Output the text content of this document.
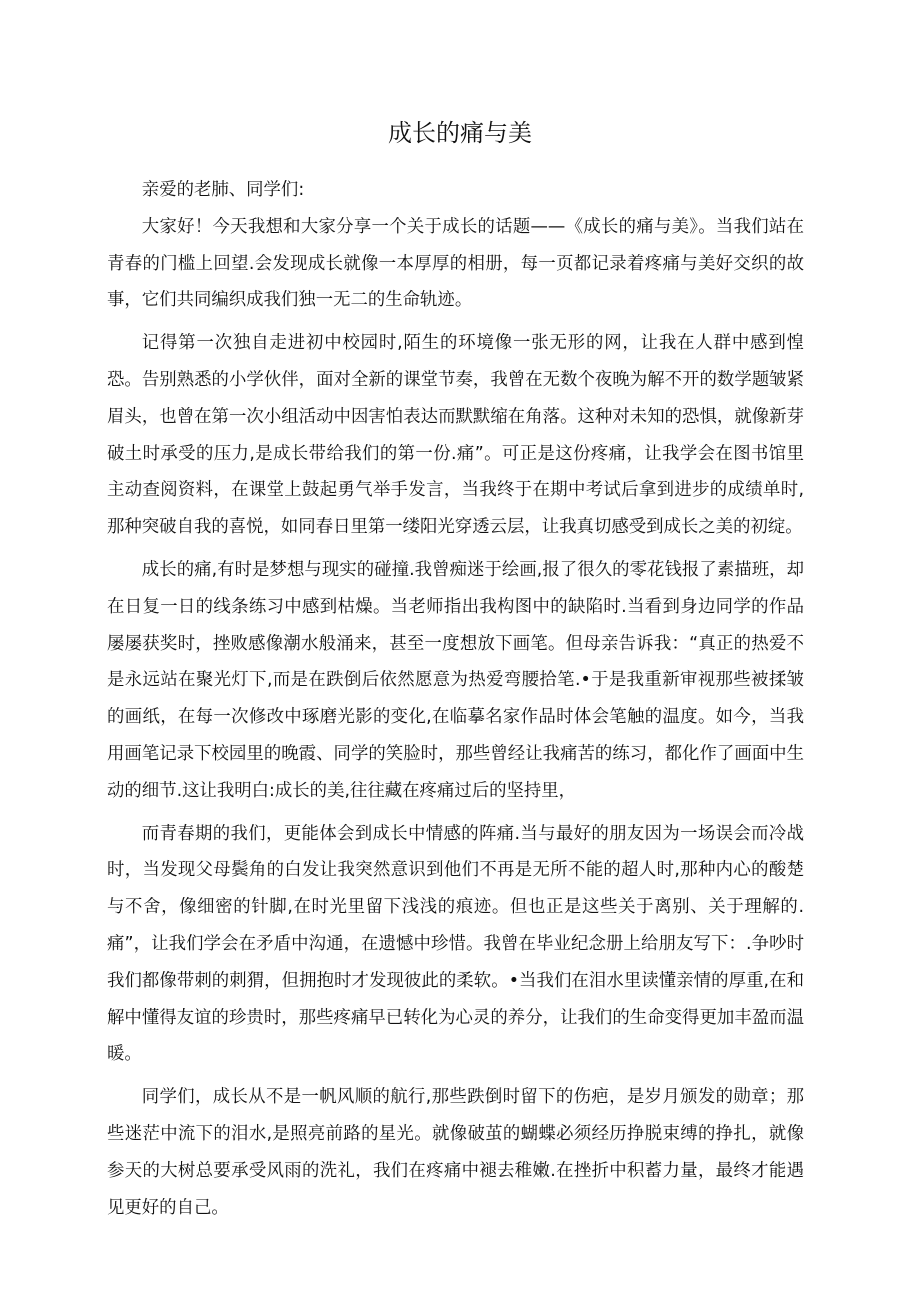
成长的痛与美

亲爱的老肺、同学们:

大家好！今天我想和大家分享一个关于成长的话题——《成长的痛与美》。当我们站在青春的门槛上回望.会发现成长就像一本厚厚的相册，每一页都记录着疼痛与美好交织的故事，它们共同编织成我们独一无二的生命轨迹。

记得第一次独自走进初中校园时,陌生的环境像一张无形的网，让我在人群中感到惶恐。告别熟悉的小学伙伴，面对全新的课堂节奏，我曾在无数个夜晚为解不开的数学题皱紧眉头，也曾在第一次小组活动中因害怕表达而默默缩在角落。这种对未知的恐惧，就像新芽破土时承受的压力,是成长带给我们的第一份.痛”。可正是这份疼痛，让我学会在图书馆里主动查阅资料，在课堂上鼓起勇气举手发言，当我终于在期中考试后拿到进步的成绩单时,那种突破自我的喜悦，如同春日里第一缕阳光穿透云层，让我真切感受到成长之美的初绽。

成长的痛,有时是梦想与现实的碰撞.我曾痴迷于绘画,报了很久的零花钱报了素描班，却在日复一日的线条练习中感到枯燥。当老师指出我构图中的缺陷时.当看到身边同学的作品屡屡获奖时，挫败感像潮水般涌来，甚至一度想放下画笔。但母亲告诉我：“真正的热爱不是永远站在聚光灯下,而是在跌倒后依然愿意为热爱弯腰拾笔.•于是我重新审视那些被揉皱的画纸，在每一次修改中琢磨光影的变化,在临摹名家作品时体会笔触的温度。如今，当我用画笔记录下校园里的晚霞、同学的笑脸时，那些曾经让我痛苦的练习，都化作了画面中生动的细节.这让我明白:成长的美,往往藏在疼痛过后的坚持里，

而青春期的我们，更能体会到成长中情感的阵痛.当与最好的朋友因为一场误会而冷战时，当发现父母鬓角的白发让我突然意识到他们不再是无所不能的超人时,那种内心的酸楚与不舍，像细密的针脚,在时光里留下浅浅的痕迹。但也正是这些关于离别、关于理解的.痛”，让我们学会在矛盾中沟通，在遗憾中珍惜。我曾在毕业纪念册上给朋友写下：.争吵时我们都像带刺的刺猬，但拥抱时才发现彼此的柔软。•当我们在泪水里读懂亲情的厚重,在和解中懂得友谊的珍贵时，那些疼痛早已转化为心灵的养分，让我们的生命变得更加丰盈而温暖。

同学们，成长从不是一帆风顺的航行,那些跌倒时留下的伤疤，是岁月颁发的勋章；那些迷茫中流下的泪水,是照亮前路的星光。就像破茧的蝴蝶必须经历挣脱束缚的挣扎，就像参天的大树总要承受风雨的洗礼，我们在疼痛中褪去稚嫩.在挫折中积蓄力量，最终才能遇见更好的自己。
